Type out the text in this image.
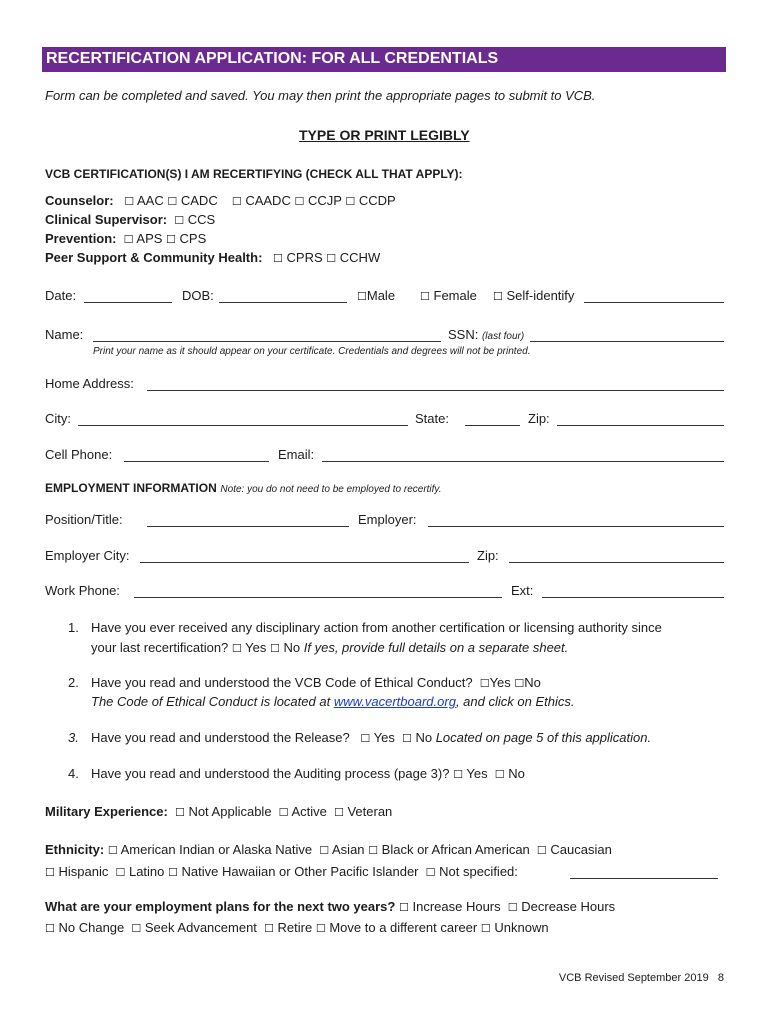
RECERTIFICATION APPLICATION: FOR ALL CREDENTIALS
Form can be completed and saved. You may then print the appropriate pages to submit to VCB.
TYPE OR PRINT LEGIBLY
VCB CERTIFICATION(S) I AM RECERTIFYING (CHECK ALL THAT APPLY):
Counselor:   ☐ AAC ☐ CADC    ☐ CAADC ☐ CCJP ☐ CCDP
Clinical Supervisor:  ☐ CCS
Prevention:  ☐ APS ☐ CPS
Peer Support & Community Health:   ☐ CPRS ☐ CCHW
Date:	DOB:	☐Male ☐ Female ☐ Self-identify
Name:	SSN: (last four)
Print your name as it should appear on your certificate. Credentials and degrees will not be printed.
Home Address:
City:	State:	Zip:
Cell Phone:	Email:
EMPLOYMENT INFORMATION Note: you do not need to be employed to recertify.
Position/Title:	Employer:
Employer City:	Zip:
Work Phone:	Ext:
1. Have you ever received any disciplinary action from another certification or licensing authority since
your last recertification? ☐ Yes ☐ No If yes, provide full details on a separate sheet.
2. Have you read and understood the VCB Code of Ethical Conduct?  ☐Yes ☐No
The Code of Ethical Conduct is located at www.vacertboard.org, and click on Ethics.
3. Have you read and understood the Release?   ☐ Yes  ☐ No Located on page 5 of this application.
4. Have you read and understood the Auditing process (page 3)? ☐ Yes  ☐ No
Military Experience:  ☐ Not Applicable  ☐ Active  ☐ Veteran
Ethnicity: ☐ American Indian or Alaska Native  ☐ Asian ☐ Black or African American  ☐ Caucasian
☐ Hispanic  ☐ Latino ☐ Native Hawaiian or Other Pacific Islander  ☐ Not specified:
What are your employment plans for the next two years? ☐ Increase Hours  ☐ Decrease Hours
☐ No Change  ☐ Seek Advancement  ☐ Retire ☐ Move to a different career ☐ Unknown
VCB Revised September 2019 8
